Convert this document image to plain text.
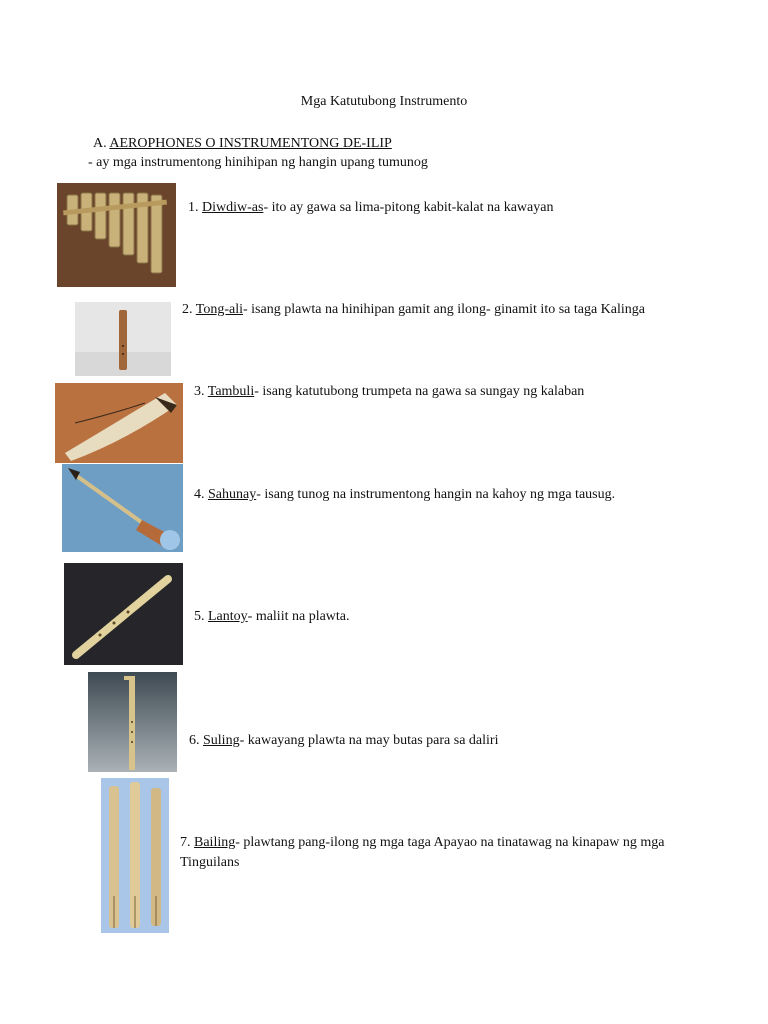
Mga Katutubong Instrumento
A. AEROPHONES O INSTRUMENTONG DE-ILIP
- ay mga instrumentong hinihipan ng hangin upang tumunog
1. Diwdiw-as- ito ay gawa sa lima-pitong kabit-kalat na kawayan
2. Tong-ali- isang plawta na hinihipan gamit ang ilong- ginamit ito sa taga Kalinga
3. Tambuli- isang katutubong trumpeta na gawa sa sungay ng kalaban
4. Sahunay- isang tunog na instrumentong hangin na kahoy ng mga tausug.
5. Lantoy- maliit na plawta.
6. Suling- kawayang plawta na may butas para sa daliri
7. Bailing- plawtang pang-ilong ng mga taga Apayao na tinatawag na kinapaw ng mga Tinguilans
